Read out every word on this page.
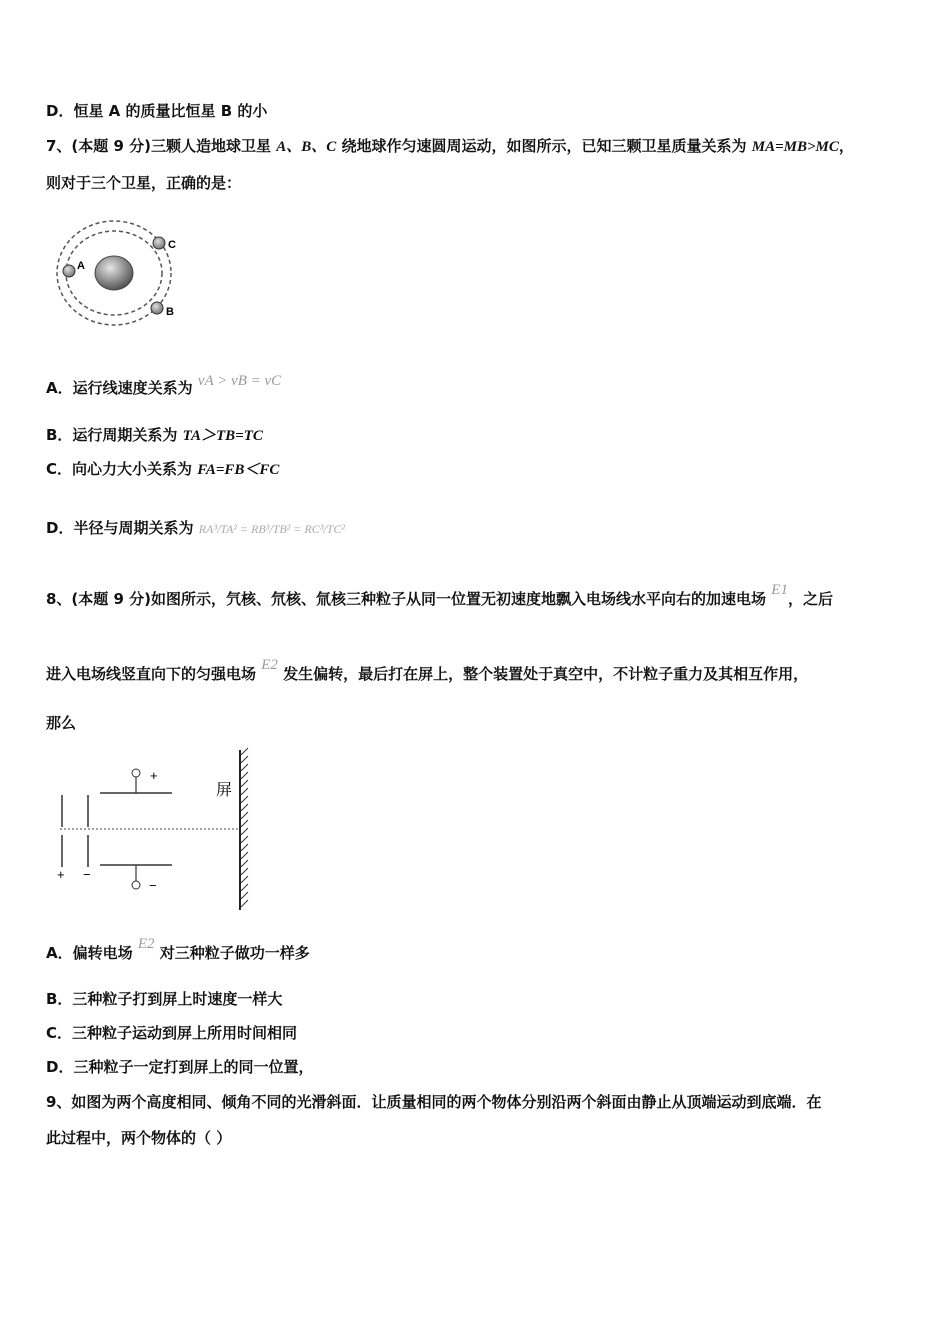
D．恒星 A 的质量比恒星 B 的小
7、(本题 9 分)三颗人造地球卫星 A、B、C 绕地球作匀速圆周运动，如图所示，已知三颗卫星质量关系为 MA=MB>MC，
则对于三个卫星，正确的是：
A
C
B
A．运行线速度关系为 vA > vB = vC
B．运行周期关系为 TA＞TB=TC
C．向心力大小关系为 FA=FB＜FC
D．半径与周期关系为 RA³/TA² = RB³/TB² = RC³/TC²
8、(本题 9 分)如图所示，氕核、氘核、氚核三种粒子从同一位置无初速度地飘入电场线水平向右的加速电场 E1，之后
进入电场线竖直向下的匀强电场 E2 发生偏转，最后打在屏上，整个装置处于真空中，不计粒子重力及其相互作用，
那么
+ −
+
−
屏
A．偏转电场 E2 对三种粒子做功一样多
B．三种粒子打到屏上时速度一样大
C．三种粒子运动到屏上所用时间相同
D．三种粒子一定打到屏上的同一位置，
9、如图为两个高度相同、倾角不同的光滑斜面．让质量相同的两个物体分别沿两个斜面由静止从顶端运动到底端．在
此过程中，两个物体的（ ）
